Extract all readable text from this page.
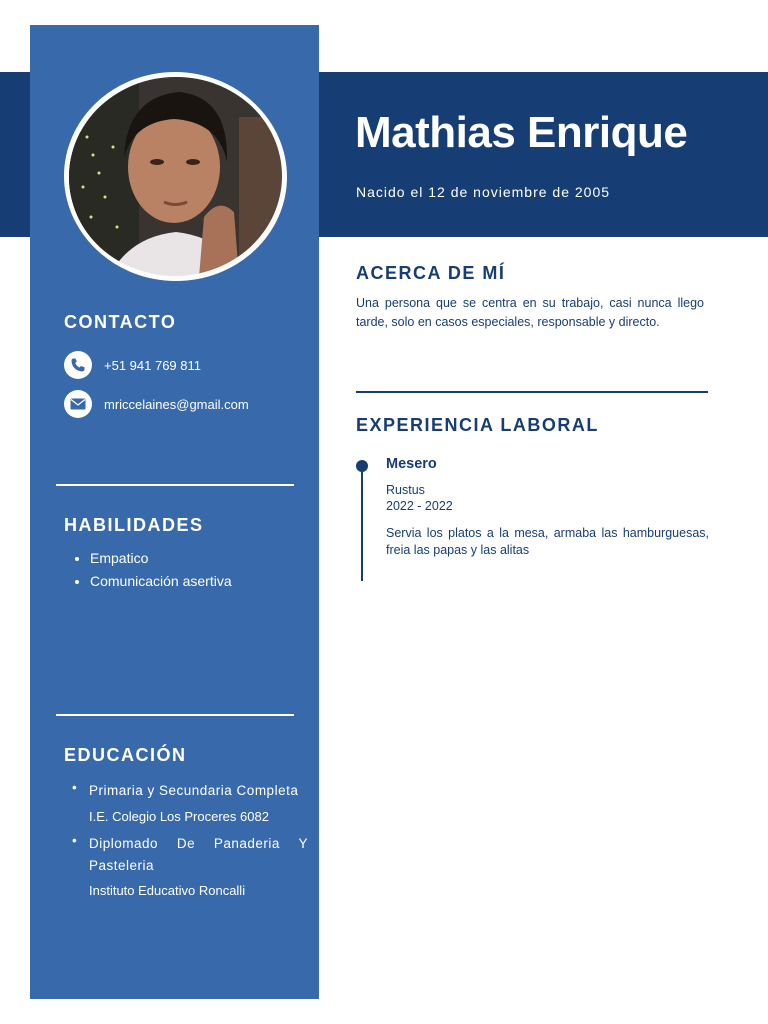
Mathias Enrique

Nacido el 12 de noviembre de 2005

CONTACTO
+51 941 769 811
mriccelaines@gmail.com
HABILIDADES
• Empatico
• Comunicación asertiva
EDUCACIÓN
• Primaria y Secundaria Completa
I.E. Colegio Los Proceres 6082
• Diplomado De Panaderia Y Pasteleria
Instituto Educativo Roncalli
ACERCA DE MÍ

Una persona que se centra en su trabajo, casi nunca llego tarde, solo en casos especiales, responsable y directo.

EXPERIENCIA LABORAL

Mesero

Rustus

2022 - 2022

Servia los platos a la mesa, armaba las hamburguesas, freia las papas y las alitas
